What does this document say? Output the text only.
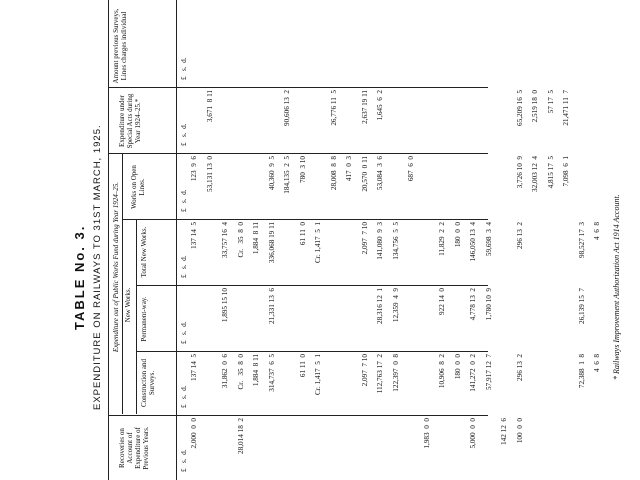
TABLE No. 3. EXPENDITURE ON RAILWAYS TO 31ST MARCH, 1925.
Recoveries on Account of Expenditure of Previous Years.
Expenditure out of Public Works Fund during Year 1924–25. New Works.
Construction and Surveys.
Permanent-way.
Total New Works.
Works on Open Lines.
Expenditure under Special Acts during Year 1924–25.*
Amount previous Surveys, Lines charges individual
£   s.  d.
£   s.  d.
£   s.  d.
£   s.  d.
£   s.  d.
£   s.  d.
£   s.  d.
2,000  0  0
137 14  5
137 14  5
123  9  6 53,131 13  0
3,671  8 11
31,862  0  6
1,895 15 10
33,757 16  4
28,014 18  2
Cr.   35  8  0
Cr.   35  8  0
1,884  8 11
1,884  8 11
314,737  6  5
21,331 13  6
336,068 19 11
40,360  9  5 184,135  2  5
90,606 13  2
61 11  0
61 11  0
780  3 10
Cr. 1,417  5  1
Cr. 1,417  5  1
28,008  8  8
26,776 11  5
417  0  3
2,097  7 10
2,097  7 10
20,570  0 11
2,637 19 11
112,763 17  2
28,316 12  1
141,080  9  3
53,084  3  6
1,645  6  2
122,397  0  8
12,359  4  9
134,756  5  5
687  6  0
1,983  0  0
10,906  8  2
922 14  0
11,829  2  2
180  0  0
180  0  0
5,000  0  0
141,272  0  2
4,778 13  2
146,050 13  4
57,917 12  7
1,780 10  9
59,698  3  4
142 12  6 100  0  0
296 13  2
296 13  2
3,726 10  9
65,209 16  5
32,003 12  4
2,519 18  0
4,815 17  5
57 17  5
7,098  6  1
21,471 11  7
72,388  1  8
26,139 15  7
98,527 17  3
4  6  8
4  6  8 * Railways Improvement Authorization Act 1914 Account.
